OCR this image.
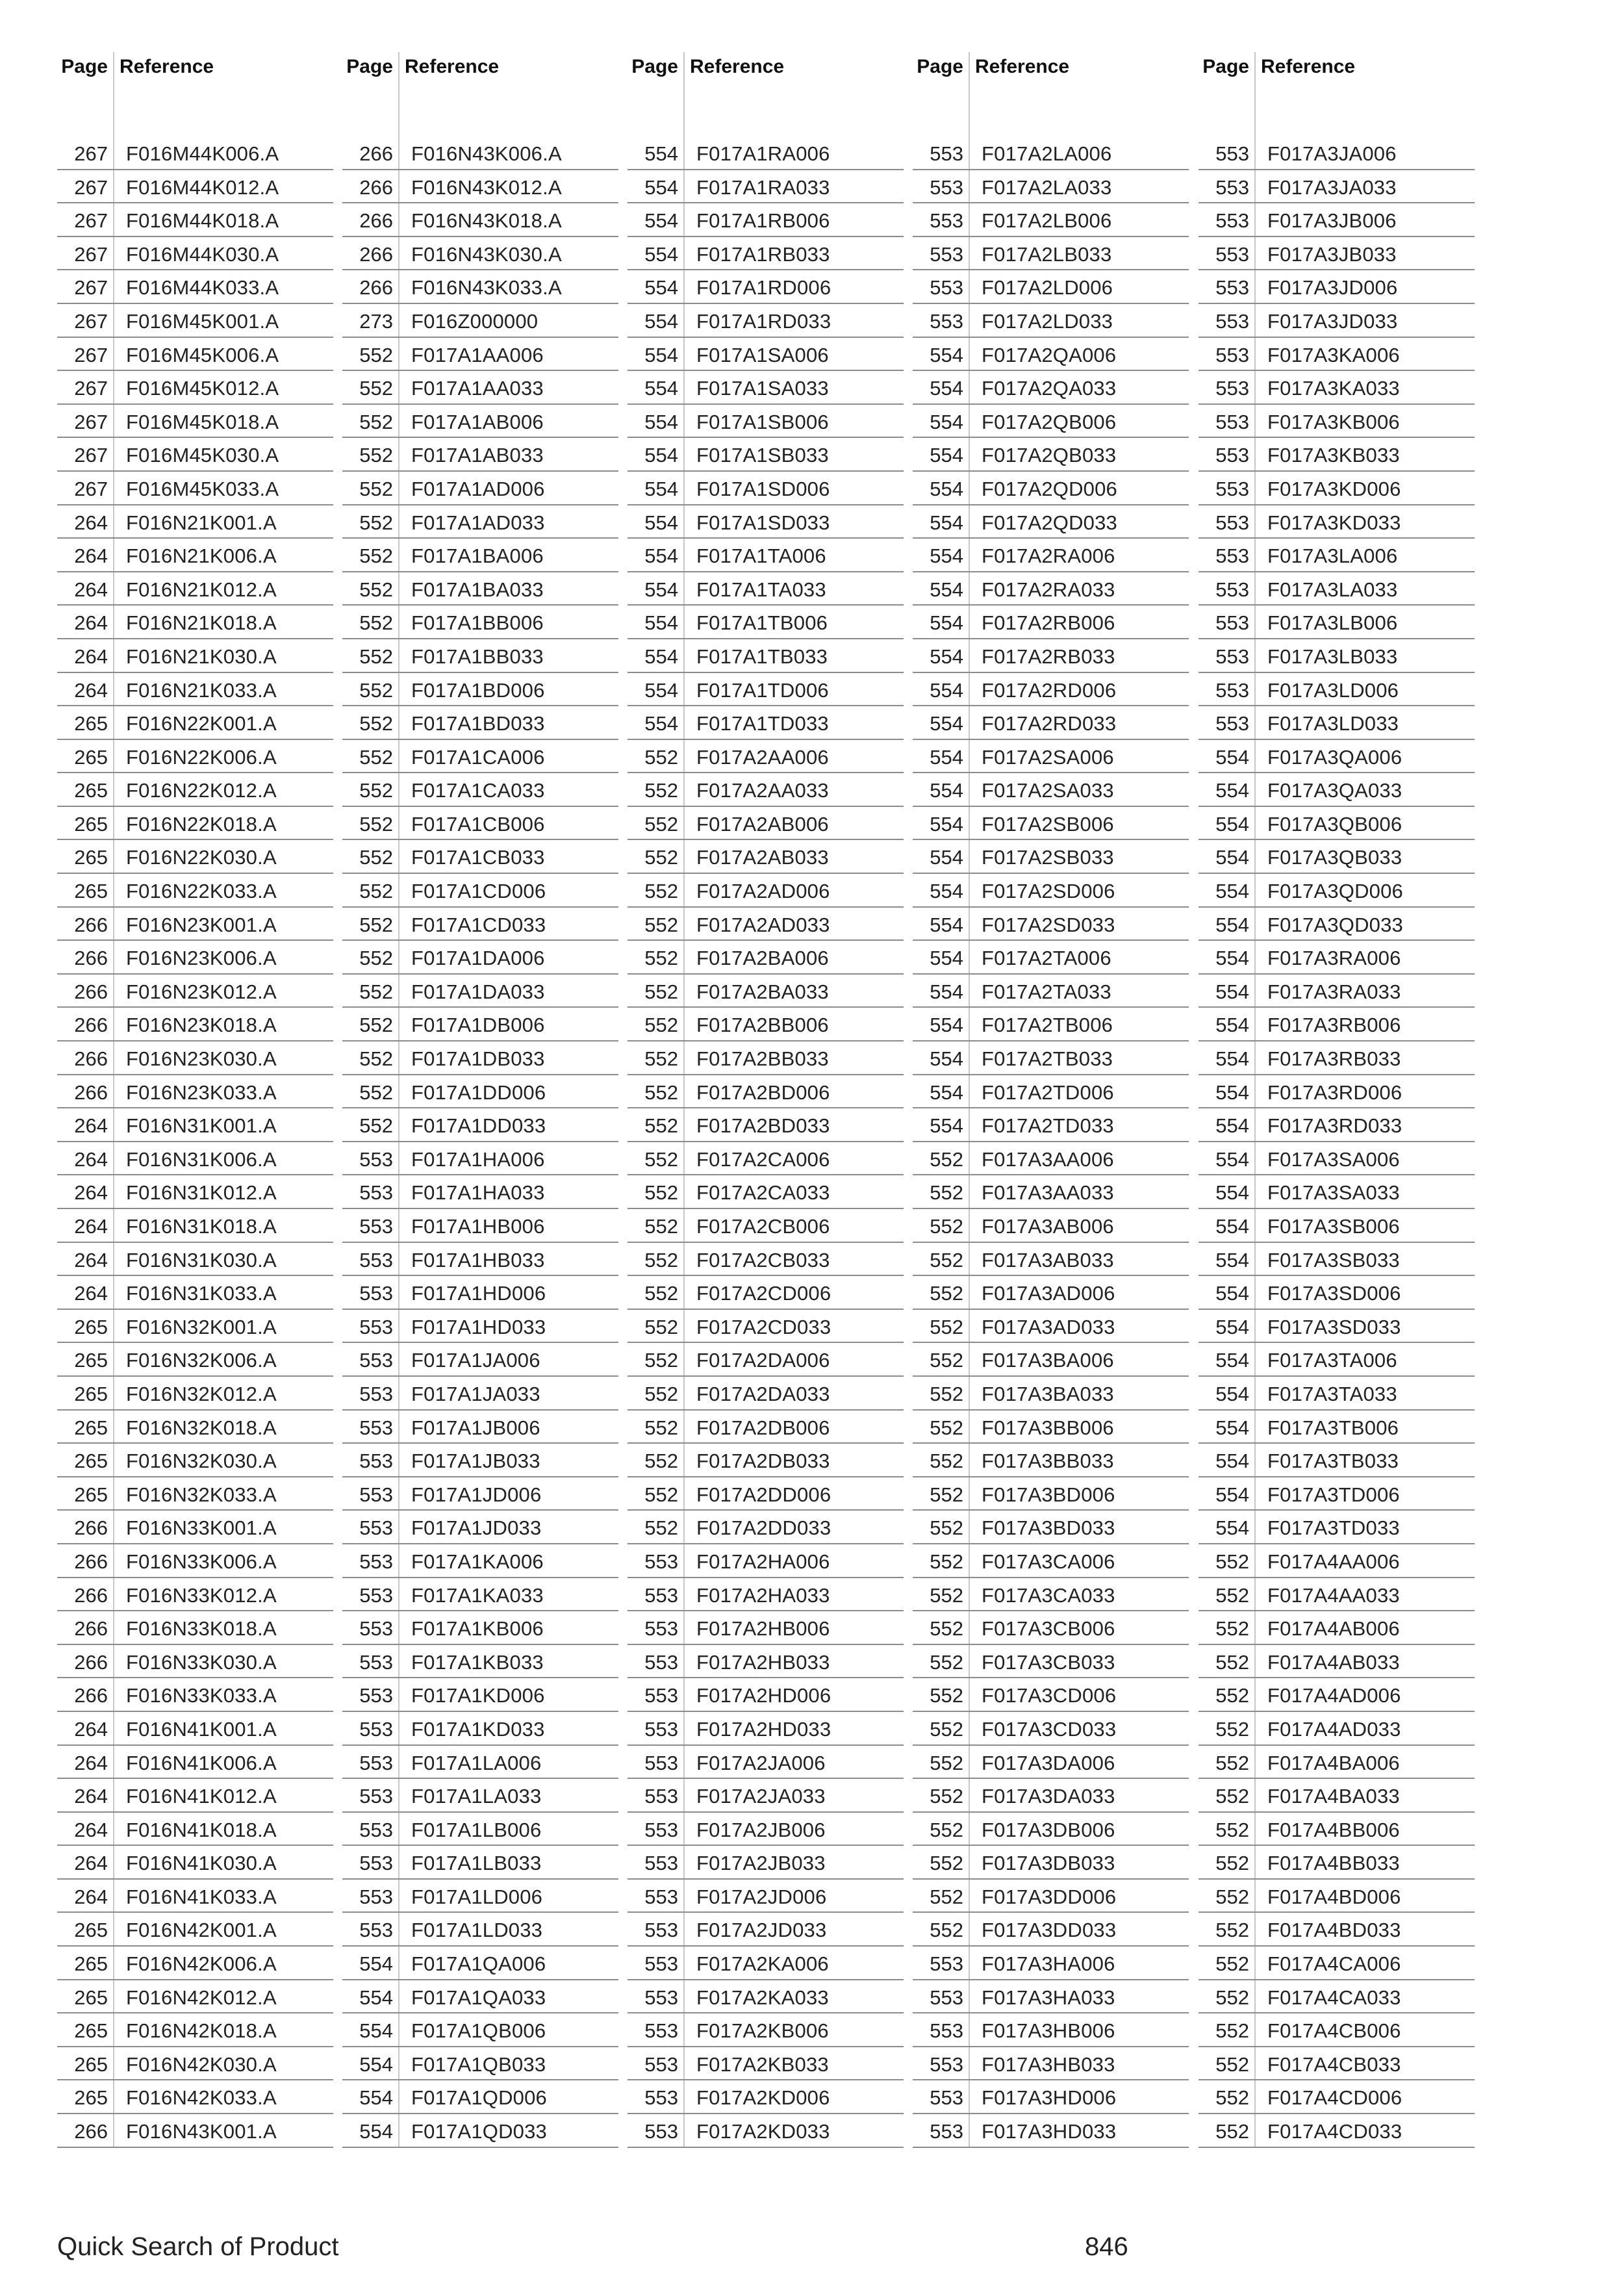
Page Reference
267 F016M44K006.A
267 F016M44K012.A
267 F016M44K018.A
267 F016M44K030.A
267 F016M44K033.A
267 F016M45K001.A
267 F016M45K006.A
267 F016M45K012.A
267 F016M45K018.A
267 F016M45K030.A
267 F016M45K033.A
264 F016N21K001.A
264 F016N21K006.A
264 F016N21K012.A
264 F016N21K018.A
264 F016N21K030.A
264 F016N21K033.A
265 F016N22K001.A
265 F016N22K006.A
265 F016N22K012.A
265 F016N22K018.A
265 F016N22K030.A
265 F016N22K033.A
266 F016N23K001.A
266 F016N23K006.A
266 F016N23K012.A
266 F016N23K018.A
266 F016N23K030.A
266 F016N23K033.A
264 F016N31K001.A
264 F016N31K006.A
264 F016N31K012.A
264 F016N31K018.A
264 F016N31K030.A
264 F016N31K033.A
265 F016N32K001.A
265 F016N32K006.A
265 F016N32K012.A
265 F016N32K018.A
265 F016N32K030.A
265 F016N32K033.A
266 F016N33K001.A
266 F016N33K006.A
266 F016N33K012.A
266 F016N33K018.A
266 F016N33K030.A
266 F016N33K033.A
264 F016N41K001.A
264 F016N41K006.A
264 F016N41K012.A
264 F016N41K018.A
264 F016N41K030.A
264 F016N41K033.A
265 F016N42K001.A
265 F016N42K006.A
265 F016N42K012.A
265 F016N42K018.A
265 F016N42K030.A
265 F016N42K033.A
266 F016N43K001.A
Page Reference
266 F016N43K006.A
266 F016N43K012.A
266 F016N43K018.A
266 F016N43K030.A
266 F016N43K033.A
273 F016Z000000
552 F017A1AA006
552 F017A1AA033
552 F017A1AB006
552 F017A1AB033
552 F017A1AD006
552 F017A1AD033
552 F017A1BA006
552 F017A1BA033
552 F017A1BB006
552 F017A1BB033
552 F017A1BD006
552 F017A1BD033
552 F017A1CA006
552 F017A1CA033
552 F017A1CB006
552 F017A1CB033
552 F017A1CD006
552 F017A1CD033
552 F017A1DA006
552 F017A1DA033
552 F017A1DB006
552 F017A1DB033
552 F017A1DD006
552 F017A1DD033
553 F017A1HA006
553 F017A1HA033
553 F017A1HB006
553 F017A1HB033
553 F017A1HD006
553 F017A1HD033
553 F017A1JA006
553 F017A1JA033
553 F017A1JB006
553 F017A1JB033
553 F017A1JD006
553 F017A1JD033
553 F017A1KA006
553 F017A1KA033
553 F017A1KB006
553 F017A1KB033
553 F017A1KD006
553 F017A1KD033
553 F017A1LA006
553 F017A1LA033
553 F017A1LB006
553 F017A1LB033
553 F017A1LD006
553 F017A1LD033
554 F017A1QA006
554 F017A1QA033
554 F017A1QB006
554 F017A1QB033
554 F017A1QD006
554 F017A1QD033
Page Reference
554 F017A1RA006
554 F017A1RA033
554 F017A1RB006
554 F017A1RB033
554 F017A1RD006
554 F017A1RD033
554 F017A1SA006
554 F017A1SA033
554 F017A1SB006
554 F017A1SB033
554 F017A1SD006
554 F017A1SD033
554 F017A1TA006
554 F017A1TA033
554 F017A1TB006
554 F017A1TB033
554 F017A1TD006
554 F017A1TD033
552 F017A2AA006
552 F017A2AA033
552 F017A2AB006
552 F017A2AB033
552 F017A2AD006
552 F017A2AD033
552 F017A2BA006
552 F017A2BA033
552 F017A2BB006
552 F017A2BB033
552 F017A2BD006
552 F017A2BD033
552 F017A2CA006
552 F017A2CA033
552 F017A2CB006
552 F017A2CB033
552 F017A2CD006
552 F017A2CD033
552 F017A2DA006
552 F017A2DA033
552 F017A2DB006
552 F017A2DB033
552 F017A2DD006
552 F017A2DD033
553 F017A2HA006
553 F017A2HA033
553 F017A2HB006
553 F017A2HB033
553 F017A2HD006
553 F017A2HD033
553 F017A2JA006
553 F017A2JA033
553 F017A2JB006
553 F017A2JB033
553 F017A2JD006
553 F017A2JD033
553 F017A2KA006
553 F017A2KA033
553 F017A2KB006
553 F017A2KB033
553 F017A2KD006
553 F017A2KD033
Page Reference
553 F017A2LA006
553 F017A2LA033
553 F017A2LB006
553 F017A2LB033
553 F017A2LD006
553 F017A2LD033
554 F017A2QA006
554 F017A2QA033
554 F017A2QB006
554 F017A2QB033
554 F017A2QD006
554 F017A2QD033
554 F017A2RA006
554 F017A2RA033
554 F017A2RB006
554 F017A2RB033
554 F017A2RD006
554 F017A2RD033
554 F017A2SA006
554 F017A2SA033
554 F017A2SB006
554 F017A2SB033
554 F017A2SD006
554 F017A2SD033
554 F017A2TA006
554 F017A2TA033
554 F017A2TB006
554 F017A2TB033
554 F017A2TD006
554 F017A2TD033
552 F017A3AA006
552 F017A3AA033
552 F017A3AB006
552 F017A3AB033
552 F017A3AD006
552 F017A3AD033
552 F017A3BA006
552 F017A3BA033
552 F017A3BB006
552 F017A3BB033
552 F017A3BD006
552 F017A3BD033
552 F017A3CA006
552 F017A3CA033
552 F017A3CB006
552 F017A3CB033
552 F017A3CD006
552 F017A3CD033
552 F017A3DA006
552 F017A3DA033
552 F017A3DB006
552 F017A3DB033
552 F017A3DD006
552 F017A3DD033
553 F017A3HA006
553 F017A3HA033
553 F017A3HB006
553 F017A3HB033
553 F017A3HD006
553 F017A3HD033
Page Reference
553 F017A3JA006
553 F017A3JA033
553 F017A3JB006
553 F017A3JB033
553 F017A3JD006
553 F017A3JD033
553 F017A3KA006
553 F017A3KA033
553 F017A3KB006
553 F017A3KB033
553 F017A3KD006
553 F017A3KD033
553 F017A3LA006
553 F017A3LA033
553 F017A3LB006
553 F017A3LB033
553 F017A3LD006
553 F017A3LD033
554 F017A3QA006
554 F017A3QA033
554 F017A3QB006
554 F017A3QB033
554 F017A3QD006
554 F017A3QD033
554 F017A3RA006
554 F017A3RA033
554 F017A3RB006
554 F017A3RB033
554 F017A3RD006
554 F017A3RD033
554 F017A3SA006
554 F017A3SA033
554 F017A3SB006
554 F017A3SB033
554 F017A3SD006
554 F017A3SD033
554 F017A3TA006
554 F017A3TA033
554 F017A3TB006
554 F017A3TB033
554 F017A3TD006
554 F017A3TD033
552 F017A4AA006
552 F017A4AA033
552 F017A4AB006
552 F017A4AB033
552 F017A4AD006
552 F017A4AD033
552 F017A4BA006
552 F017A4BA033
552 F017A4BB006
552 F017A4BB033
552 F017A4BD006
552 F017A4BD033
552 F017A4CA006
552 F017A4CA033
552 F017A4CB006
552 F017A4CB033
552 F017A4CD006
552 F017A4CD033
Quick Search of Product	846
